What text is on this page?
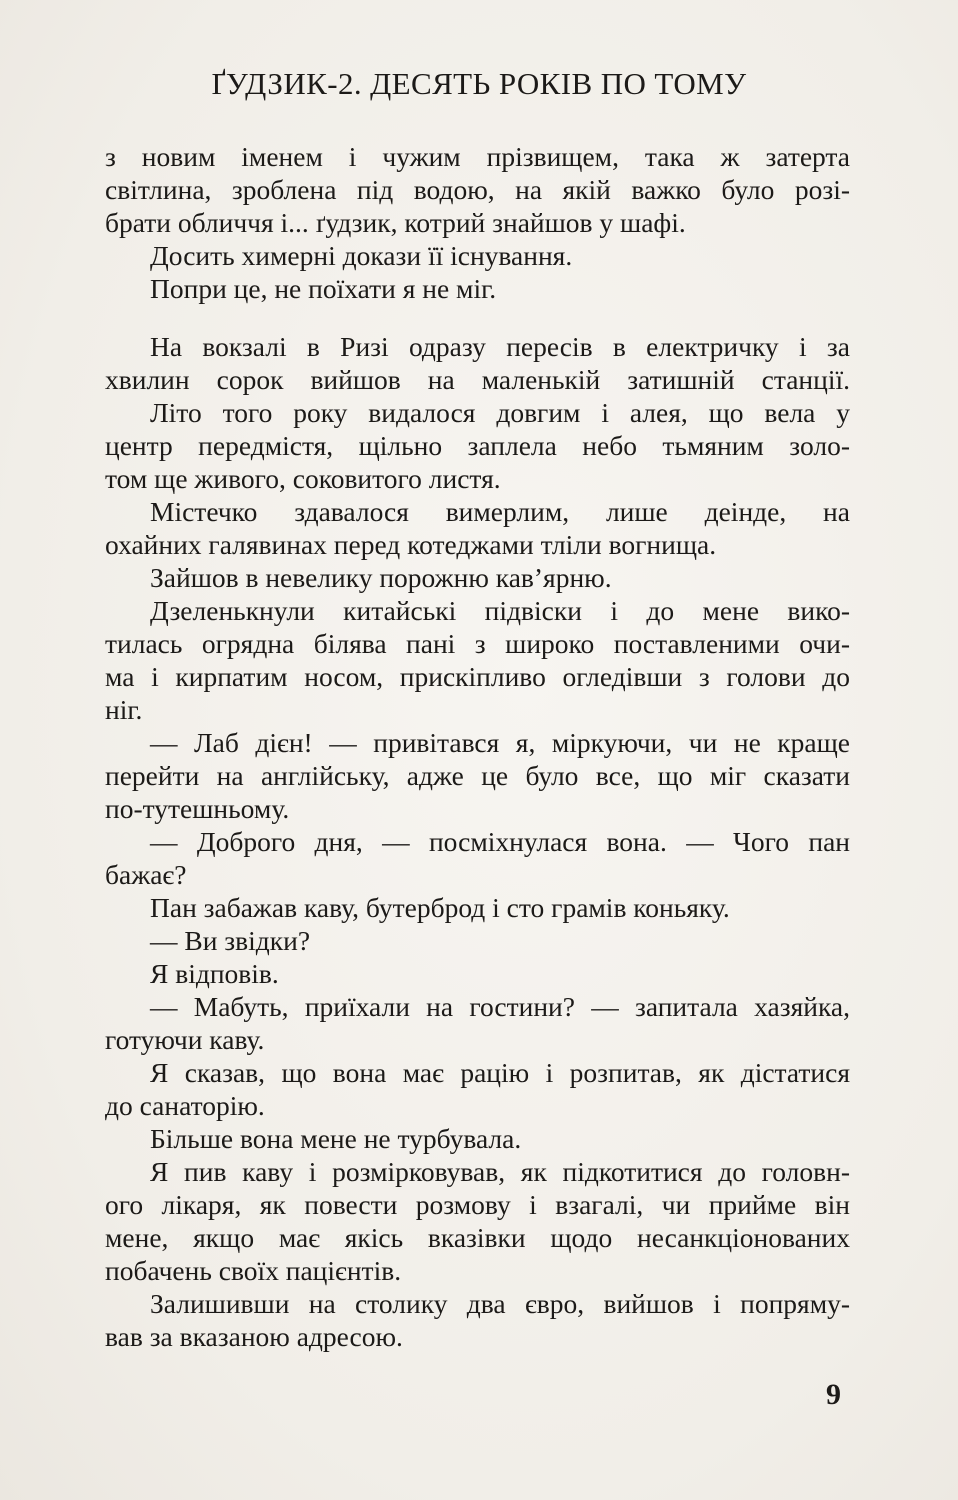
ҐУДЗИК-2. ДЕСЯТЬ РОКІВ ПО ТОМУ
з новим іменем і чужим прізвищем, така ж затерта
світлина, зроблена під водою, на якій важко було розі-
брати обличчя і... ґудзик, котрий знайшов у шафі.
Досить химерні докази її існування.
Попри це, не поїхати я не міг.
На вокзалі в Ризі одразу пересів в електричку і за
хвилин сорок вийшов на маленькій затишній станції.
Літо того року видалося довгим і алея, що вела у
центр передмістя, щільно заплела небо тьмяним золо-
том ще живого, соковитого листя.
Містечко здавалося вимерлим, лише деінде, на
охайних галявинах перед котеджами тліли вогнища.
Зайшов в невелику порожню кав’ярню.
Дзеленькнули китайські підвіски і до мене вико-
тилась огрядна білява пані з широко поставленими очи-
ма і кирпатим носом, прискіпливо огледівши з голови до
ніг.
— Лаб дієн! — привітався я, міркуючи, чи не краще
перейти на англійську, адже це було все, що міг сказати
по-тутешньому.
— Доброго дня, — посміхнулася вона. — Чого пан
бажає?
Пан забажав каву, бутерброд і сто грамів коньяку.
— Ви звідки?
Я відповів.
— Мабуть, приїхали на гостини? — запитала хазяйка,
готуючи каву.
Я сказав, що вона має рацію і розпитав, як дістатися
до санаторію.
Більше вона мене не турбувала.
Я пив каву і розмірковував, як підкотитися до головн-
ого лікаря, як повести розмову і взагалі, чи прийме він
мене, якщо має якісь вказівки щодо несанкціонованих
побачень своїх пацієнтів.
Залишивши на столику два євро, вийшов і попряму-
вав за вказаною адресою.
9
